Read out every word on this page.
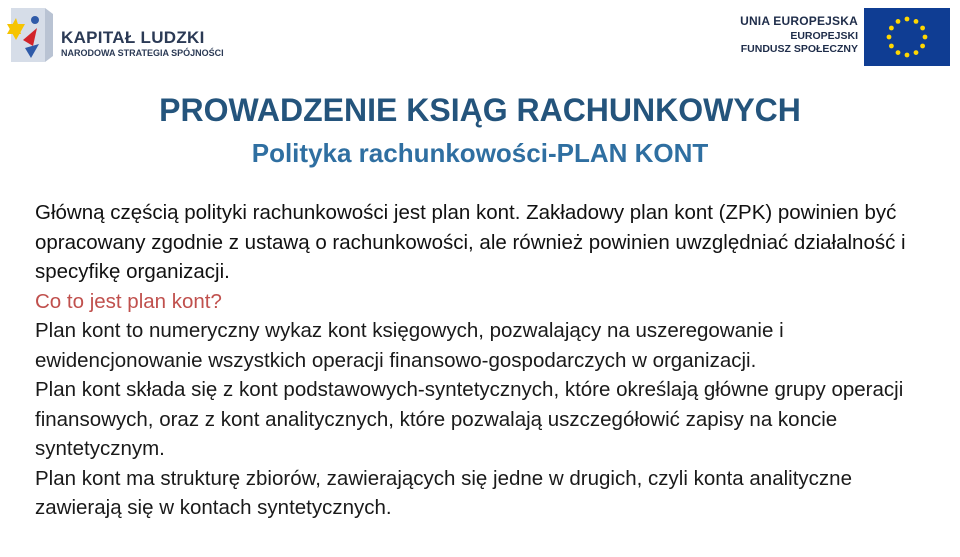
KAPITAŁ LUDZKI
NARODOWA STRATEGIA SPÓJNOŚCI
UNIA EUROPEJSKA
EUROPEJSKI
FUNDUSZ SPOŁECZNY
PROWADZENIE KSIĄG RACHUNKOWYCH
Polityka rachunkowości-PLAN KONT

Główną częścią polityki rachunkowości jest plan kont. Zakładowy plan kont (ZPK) powinien być opracowany zgodnie z ustawą o rachunkowości, ale również powinien uwzględniać działalność i specyfikę organizacji.

Co to jest plan kont?

Plan kont to numeryczny wykaz kont księgowych, pozwalający na uszeregowanie i ewidencjonowanie wszystkich operacji finansowo-gospodarczych w organizacji.

Plan kont składa się z kont podstawowych-syntetycznych, które określają główne grupy operacji finansowych, oraz z kont analitycznych, które pozwalają uszczegółowić zapisy na koncie syntetycznym.

Plan kont ma strukturę zbiorów, zawierających się jedne w drugich, czyli konta analityczne zawierają się w kontach syntetycznych.
